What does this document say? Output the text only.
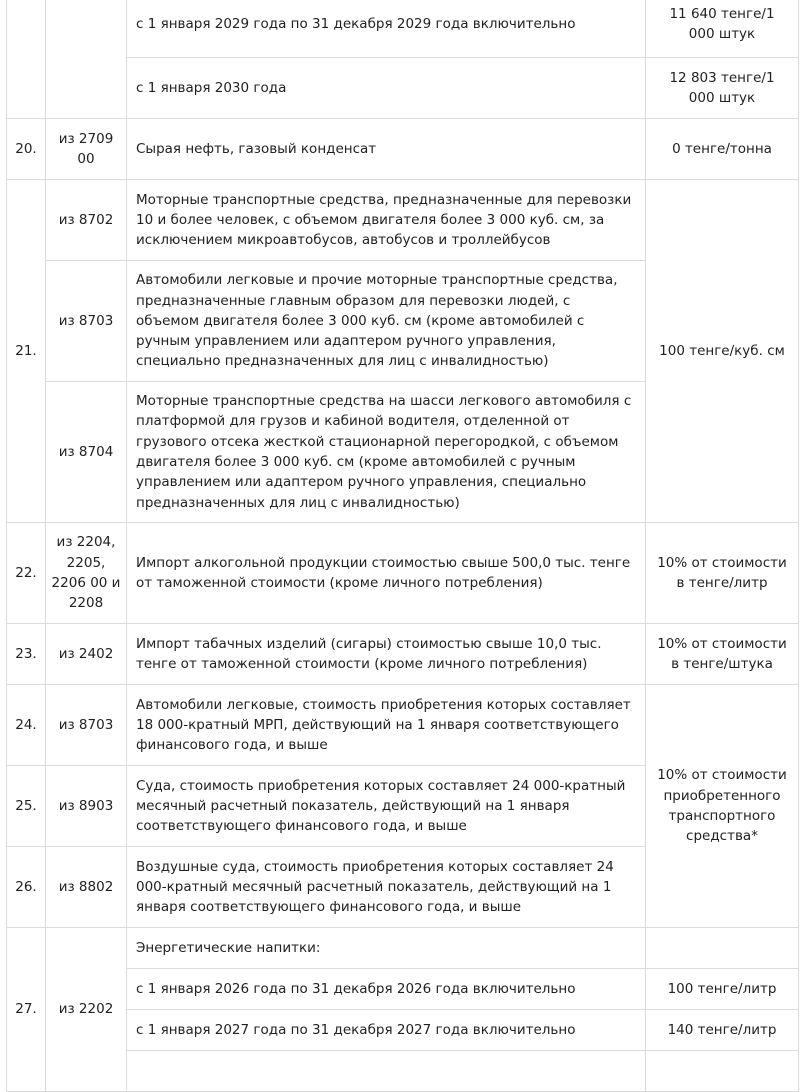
		с 1 января 2029 года по 31 декабря 2029 года включительно	11 640 тенге/1 000 штук
		с 1 января 2030 года	12 803 тенге/1 000 штук
20.	из 2709 00	Сырая нефть, газовый конденсат	0 тенге/тонна
21.	из 8702	Моторные транспортные средства, предназначенные для перевозки 10 и более человек, с объемом двигателя более 3 000 куб. см, за исключением микроавтобусов, автобусов и троллейбусов	100 тенге/куб. см
	из 8703	Автомобили легковые и прочие моторные транспортные средства, предназначенные главным образом для перевозки людей, с объемом двигателя более 3 000 куб. см (кроме автомобилей с ручным управлением или адаптером ручного управления, специально предназначенных для лиц с инвалидностью)	
	из 8704	Моторные транспортные средства на шасси легкового автомобиля с платформой для грузов и кабиной водителя, отделенной от грузового отсека жесткой стационарной перегородкой, с объемом двигателя более 3 000 куб. см (кроме автомобилей с ручным управлением или адаптером ручного управления, специально предназначенных для лиц с инвалидностью)	
22.	из 2204, 2205, 2206 00 и 2208	Импорт алкогольной продукции стоимостью свыше 500,0 тыс. тенге от таможенной стоимости (кроме личного потребления)	10% от стоимости в тенге/литр
23.	из 2402	Импорт табачных изделий (сигары) стоимостью свыше 10,0 тыс. тенге от таможенной стоимости (кроме личного потребления)	10% от стоимости в тенге/штука
24.	из 8703	Автомобили легковые, стоимость приобретения которых составляет 18 000-кратный МРП, действующий на 1 января соответствующего финансового года, и выше	10% от стоимости приобретенного транспортного средства*
25.	из 8903	Суда, стоимость приобретения которых составляет 24 000-кратный месячный расчетный показатель, действующий на 1 января соответствующего финансового года, и выше	
26.	из 8802	Воздушные суда, стоимость приобретения которых составляет 24 000-кратный месячный расчетный показатель, действующий на 1 января соответствующего финансового года, и выше	
27.	из 2202	Энергетические напитки:	
		с 1 января 2026 года по 31 декабря 2026 года включительно	100 тенге/литр
		с 1 января 2027 года по 31 декабря 2027 года включительно	140 тенге/литр
